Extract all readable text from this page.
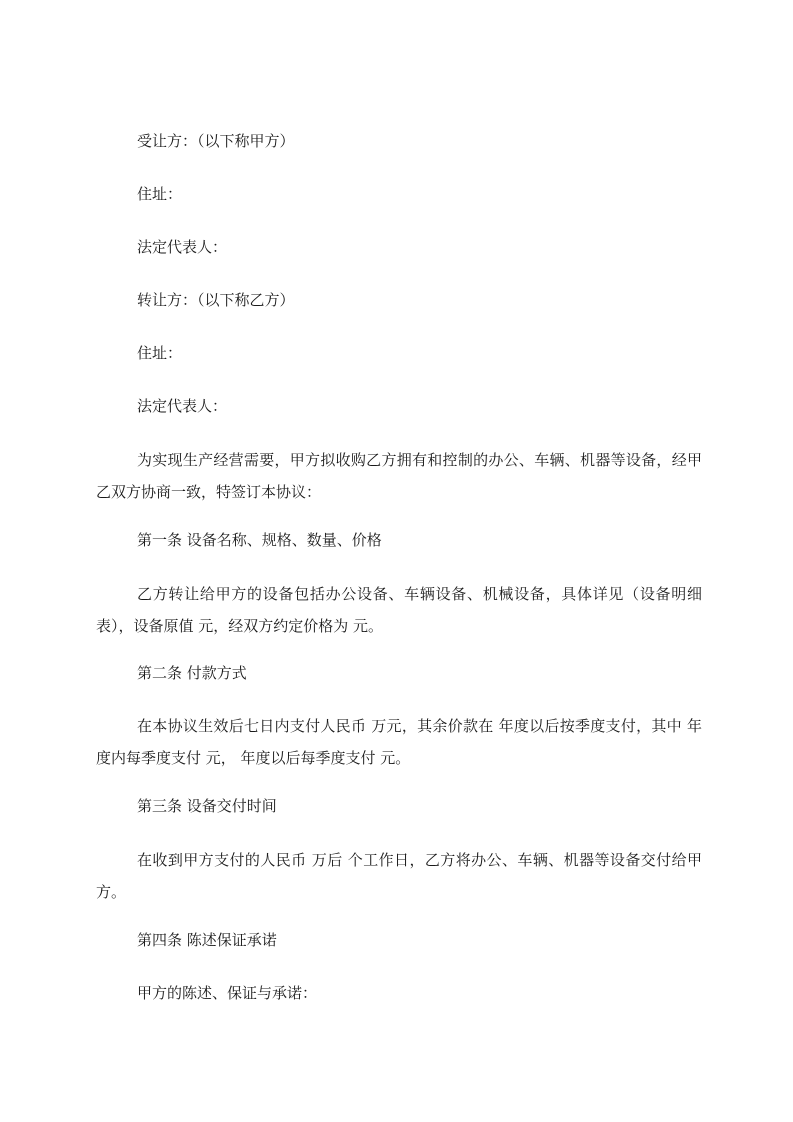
受让方：（以下称甲方）

住址：

法定代表人：

转让方：（以下称乙方）

住址：

法定代表人：

为实现生产经营需要，甲方拟收购乙方拥有和控制的办公、车辆、机器等设备，经甲乙双方协商一致，特签订本协议：

第一条 设备名称、规格、数量、价格

乙方转让给甲方的设备包括办公设备、车辆设备、机械设备，具体详见（设备明细表），设备原值 元，经双方约定价格为 元。

第二条 付款方式

在本协议生效后七日内支付人民币 万元，其余价款在 年度以后按季度支付，其中 年度内每季度支付 元， 年度以后每季度支付 元。

第三条 设备交付时间

在收到甲方支付的人民币 万后 个工作日，乙方将办公、车辆、机器等设备交付给甲方。

第四条 陈述保证承诺

甲方的陈述、保证与承诺：
